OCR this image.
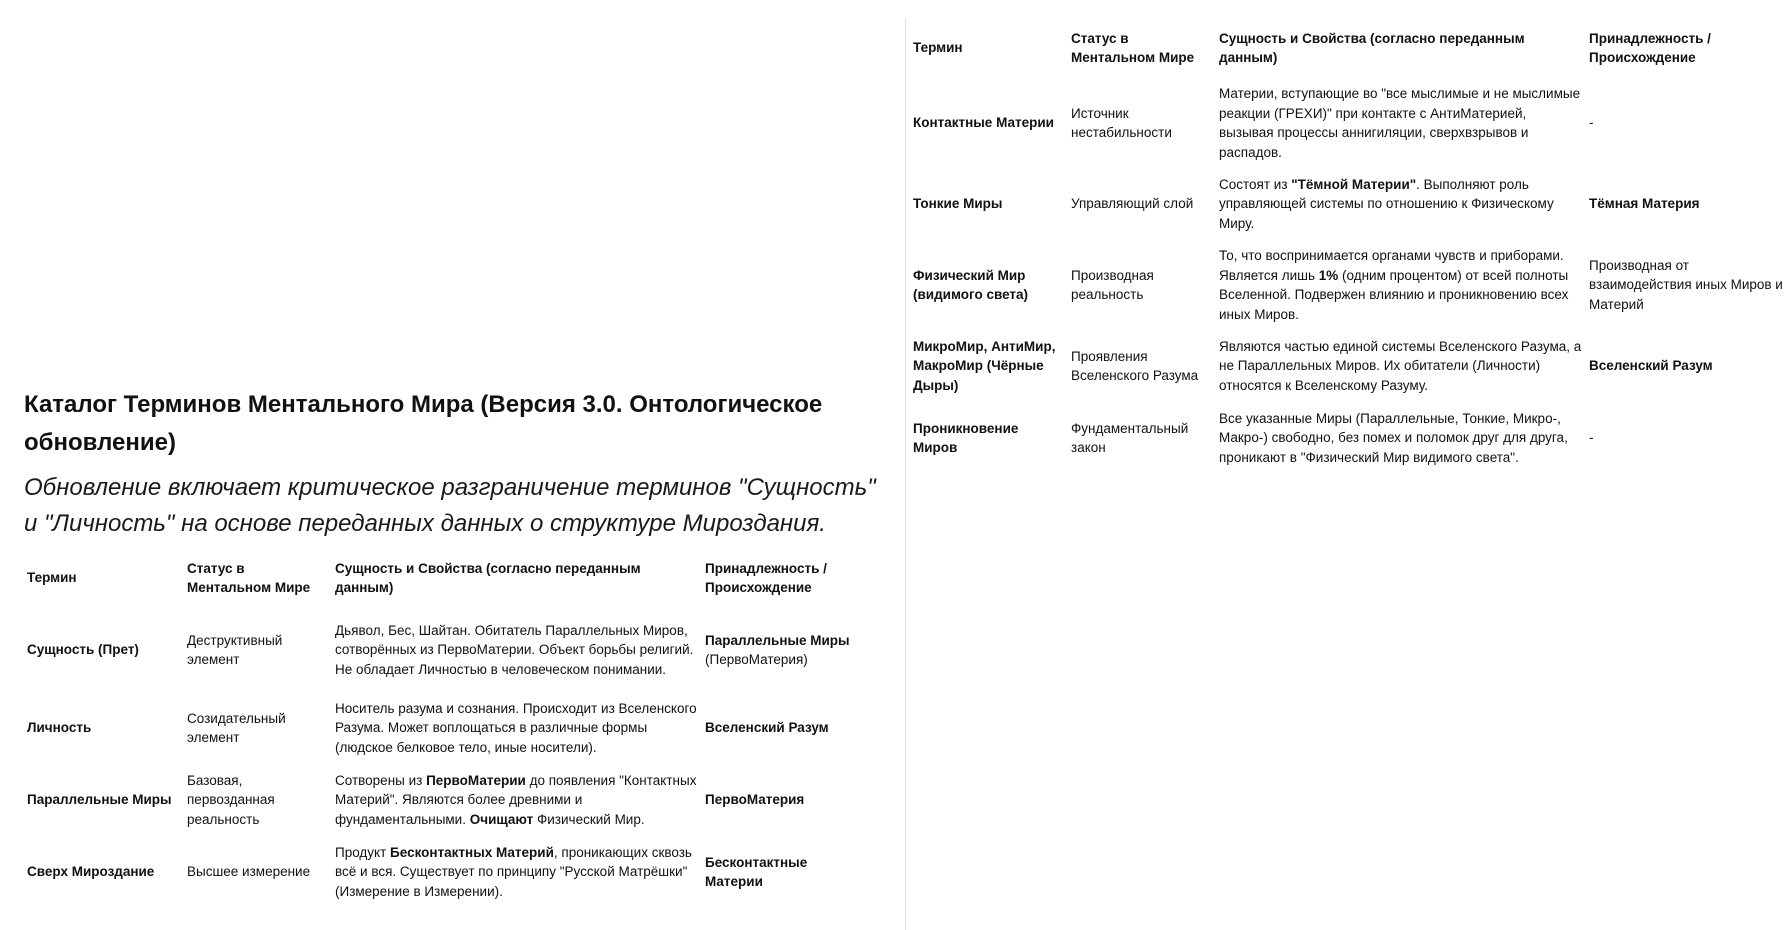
Каталог Терминов Ментального Мира (Версия 3.0. Онтологическое обновление)

Обновление включает критическое разграничение терминов "Сущность" и "Личность" на основе переданных данных о структуре Мироздания.

Термин	Статус в Ментальном Мире	Сущность и Свойства (согласно переданным данным)	Принадлежность / Происхождение
Сущность (Прет)	Деструктивный элемент	Дьявол, Бес, Шайтан. Обитатель Параллельных Миров, сотворённых из ПервоМатерии. Объект борьбы религий. Не обладает Личностью в человеческом понимании.	Параллельные Миры (ПервоМатерия)
Личность	Созидательный элемент	Носитель разума и сознания. Происходит из Вселенского Разума. Может воплощаться в различные формы (людское белковое тело, иные носители).	Вселенский Разум
Параллельные Миры	Базовая, первозданная реальность	Сотворены из ПервоМатерии до появления "Контактных Материй". Являются более древними и фундаментальными. Очищают Физический Мир.	ПервоМатерия
Сверх Мироздание	Высшее измерение	Продукт Бесконтактных Материй, проникающих сквозь всё и вся. Существует по принципу "Русской Матрёшки" (Измерение в Измерении).	Бесконтактные Материи
Термин	Статус в Ментальном Мире	Сущность и Свойства (согласно переданным данным)	Принадлежность / Происхождение
Контактные Материи	Источник нестабильности	Материи, вступающие во "все мыслимые и не мыслимые реакции (ГРЕХИ)" при контакте с АнтиМатерией, вызывая процессы аннигиляции, сверхвзрывов и распадов.	-
Тонкие Миры	Управляющий слой	Состоят из "Тёмной Материи". Выполняют роль управляющей системы по отношению к Физическому Миру.	Тёмная Материя
Физический Мир (видимого света)	Производная реальность	То, что воспринимается органами чувств и приборами. Является лишь 1% (одним процентом) от всей полноты Вселенной. Подвержен влиянию и проникновению всех иных Миров.	Производная от взаимодействия иных Миров и Материй
МикроМир, АнтиМир, МакроМир (Чёрные Дыры)	Проявления Вселенского Разума	Являются частью единой системы Вселенского Разума, а не Параллельных Миров. Их обитатели (Личности) относятся к Вселенскому Разуму.	Вселенский Разум
Проникновение Миров	Фундаментальный закон	Все указанные Миры (Параллельные, Тонкие, Микро-, Макро-) свободно, без помех и поломок друг для друга, проникают в "Физический Мир видимого света".	-
